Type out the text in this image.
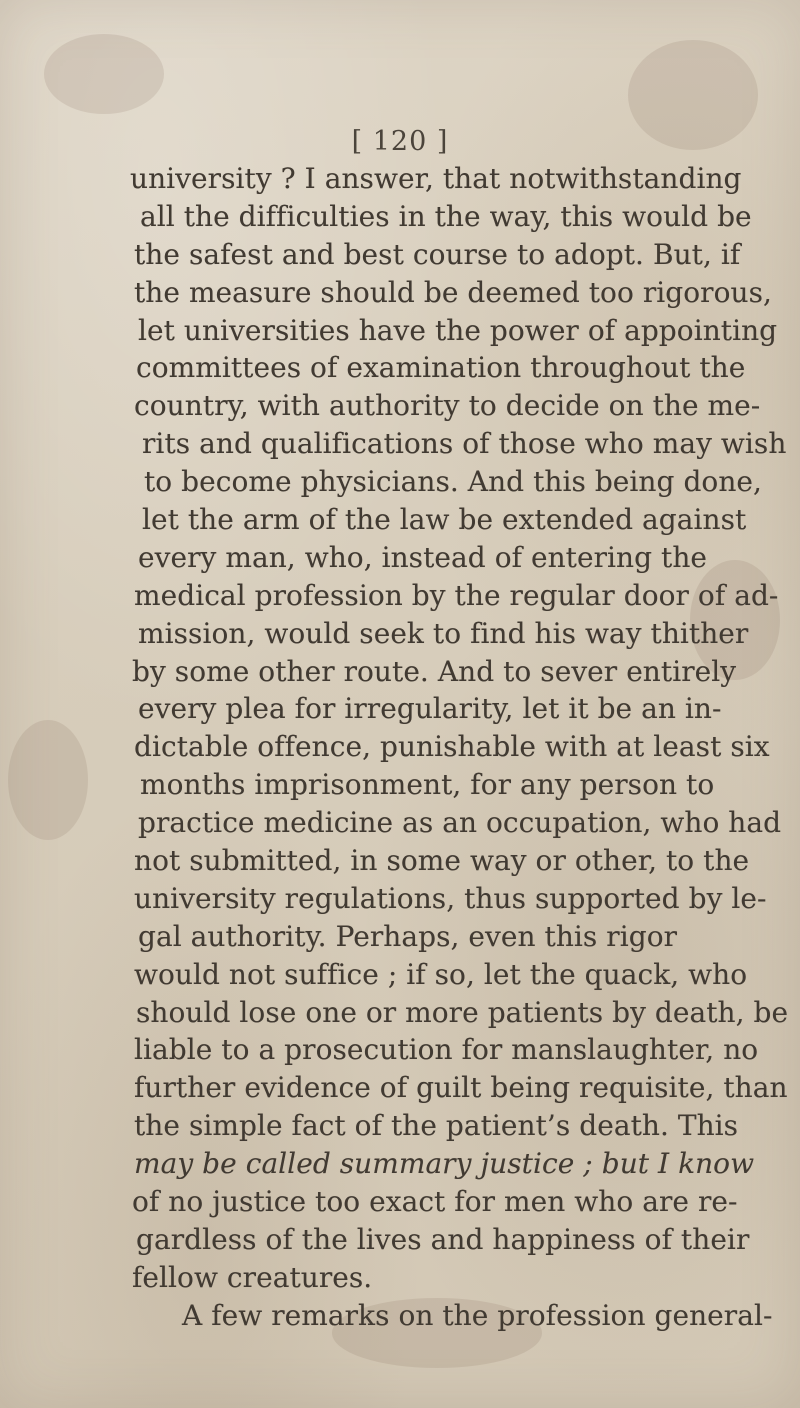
[ 120 ]
university ? I answer, that notwithstanding
all the difficulties in the way, this would be
the safest and best course to adopt. But, if
the measure should be deemed too rigorous,
let universities have the power of appointing
committees of examination throughout the
country, with authority to decide on the me-
rits and qualifications of those who may wish
to become physicians. And this being done,
let the arm of the law be extended against
every man, who, instead of entering the
medical profession by the regular door of ad-
mission, would seek to find his way thither
by some other route. And to sever entirely
every plea for irregularity, let it be an in-
dictable offence, punishable with at least six
months imprisonment, for any person to
practice medicine as an occupation, who had
not submitted, in some way or other, to the
university regulations, thus supported by le-
gal authority. Perhaps, even this rigor
would not suffice ; if so, let the quack, who
should lose one or more patients by death, be
liable to a prosecution for manslaughter, no
further evidence of guilt being requisite, than
the simple fact of the patient’s death. This
may be called summary justice ; but I know
of no justice too exact for men who are re-
gardless of the lives and happiness of their
fellow creatures.
A few remarks on the profession general-
